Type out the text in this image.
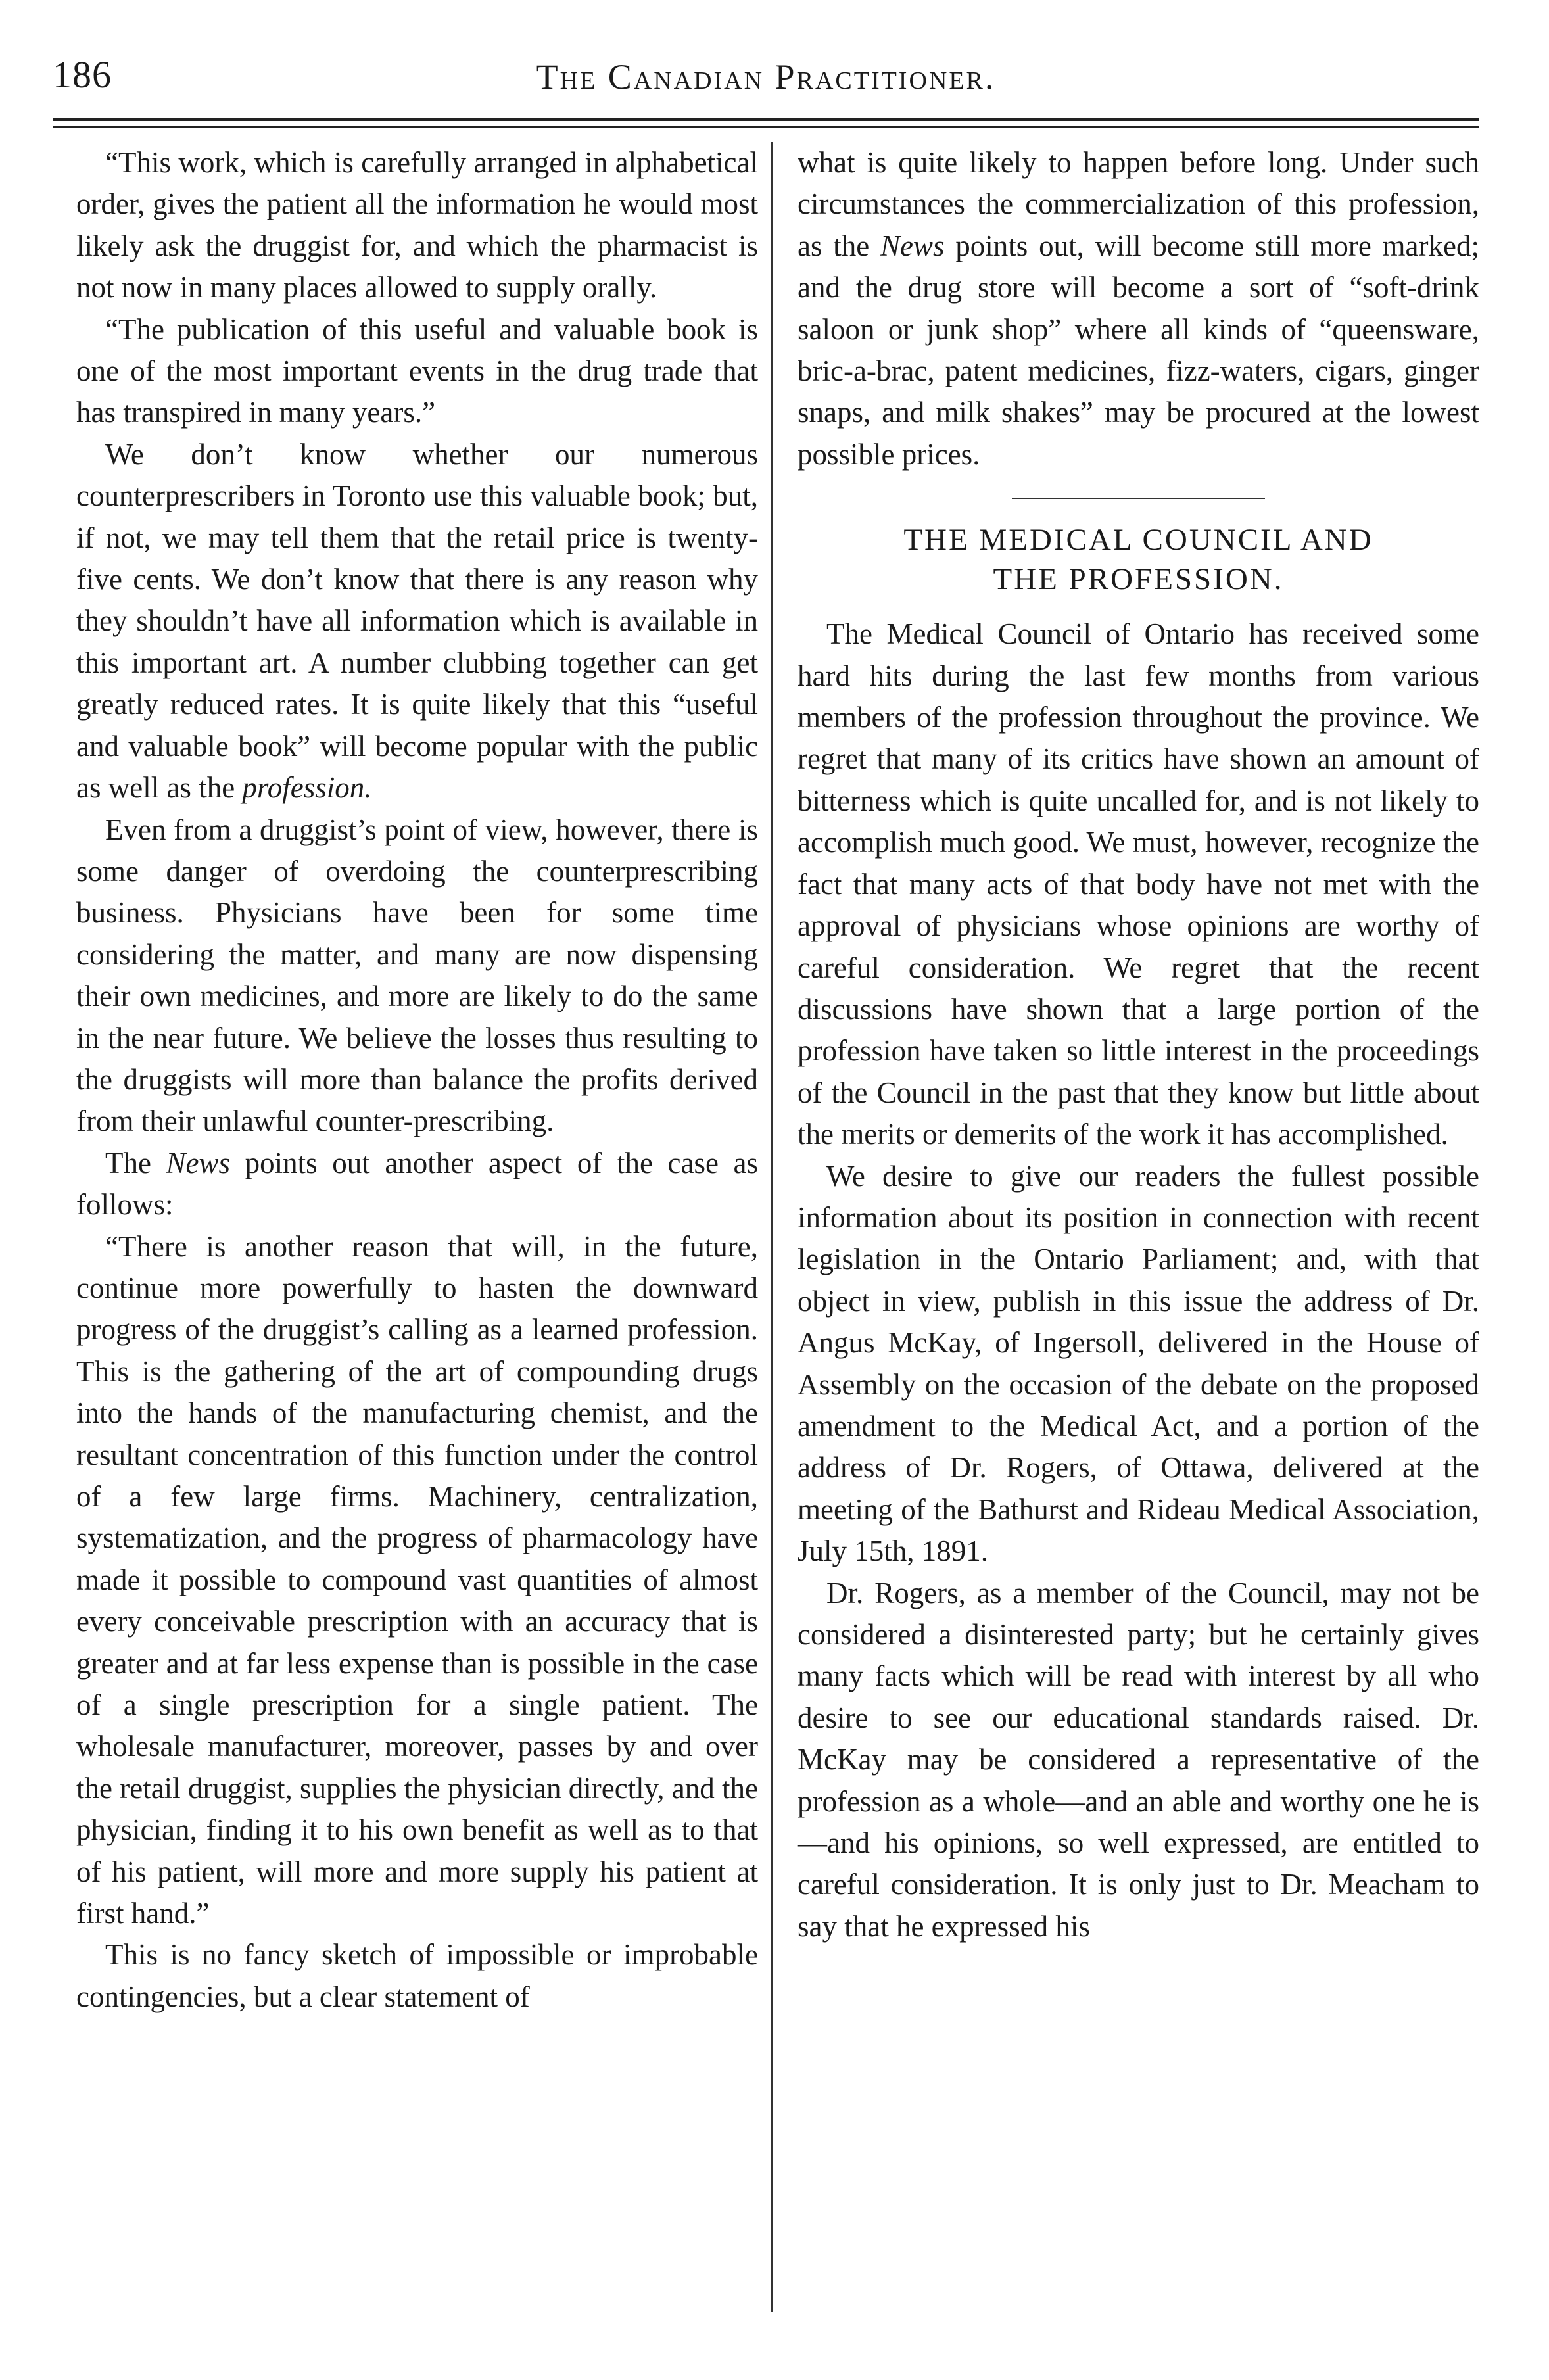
186	The Canadian Practitioner.

“This work, which is carefully arranged in alphabetical order, gives the patient all the information he would most likely ask the druggist for, and which the pharmacist is not now in many places allowed to supply orally.

“The publication of this useful and valuable book is one of the most important events in the drug trade that has transpired in many years.”

We don’t know whether our numerous counterprescribers in Toronto use this valuable book; but, if not, we may tell them that the retail price is twenty-five cents. We don’t know that there is any reason why they shouldn’t have all information which is available in this important art. A number clubbing together can get greatly reduced rates. It is quite likely that this “useful and valuable book” will become popular with the public as well as the profession.

Even from a druggist’s point of view, however, there is some danger of overdoing the counterprescribing business. Physicians have been for some time considering the matter, and many are now dispensing their own medicines, and more are likely to do the same in the near future. We believe the losses thus resulting to the druggists will more than balance the profits derived from their unlawful counter-prescribing.

The News points out another aspect of the case as follows:

“There is another reason that will, in the future, continue more powerfully to hasten the downward progress of the druggist’s calling as a learned profession. This is the gathering of the art of compounding drugs into the hands of the manufacturing chemist, and the resultant concentration of this function under the control of a few large firms. Machinery, centralization, systematization, and the progress of pharmacology have made it possible to compound vast quantities of almost every conceivable prescription with an accuracy that is greater and at far less expense than is possible in the case of a single prescription for a single patient. The wholesale manufacturer, moreover, passes by and over the retail druggist, supplies the physician directly, and the physician, finding it to his own benefit as well as to that of his patient, will more and more supply his patient at first hand.”

This is no fancy sketch of impossible or improbable contingencies, but a clear statement of

what is quite likely to happen before long. Under such circumstances the commercialization of this profession, as the News points out, will become still more marked; and the drug store will become a sort of “soft-drink saloon or junk shop” where all kinds of “queensware, bric-a-brac, patent medicines, fizz-waters, cigars, ginger snaps, and milk shakes” may be procured at the lowest possible prices.

THE MEDICAL COUNCIL AND
THE PROFESSION.

The Medical Council of Ontario has received some hard hits during the last few months from various members of the profession throughout the province. We regret that many of its critics have shown an amount of bitterness which is quite uncalled for, and is not likely to accomplish much good. We must, however, recognize the fact that many acts of that body have not met with the approval of physicians whose opinions are worthy of careful consideration. We regret that the recent discussions have shown that a large portion of the profession have taken so little interest in the proceedings of the Council in the past that they know but little about the merits or demerits of the work it has accomplished.

We desire to give our readers the fullest possible information about its position in connection with recent legislation in the Ontario Parliament; and, with that object in view, publish in this issue the address of Dr. Angus McKay, of Ingersoll, delivered in the House of Assembly on the occasion of the debate on the proposed amendment to the Medical Act, and a portion of the address of Dr. Rogers, of Ottawa, delivered at the meeting of the Bathurst and Rideau Medical Association, July 15th, 1891.

Dr. Rogers, as a member of the Council, may not be considered a disinterested party; but he certainly gives many facts which will be read with interest by all who desire to see our educational standards raised. Dr. McKay may be considered a representative of the profession as a whole—and an able and worthy one he is—and his opinions, so well expressed, are entitled to careful consideration. It is only just to Dr. Meacham to say that he expressed his
